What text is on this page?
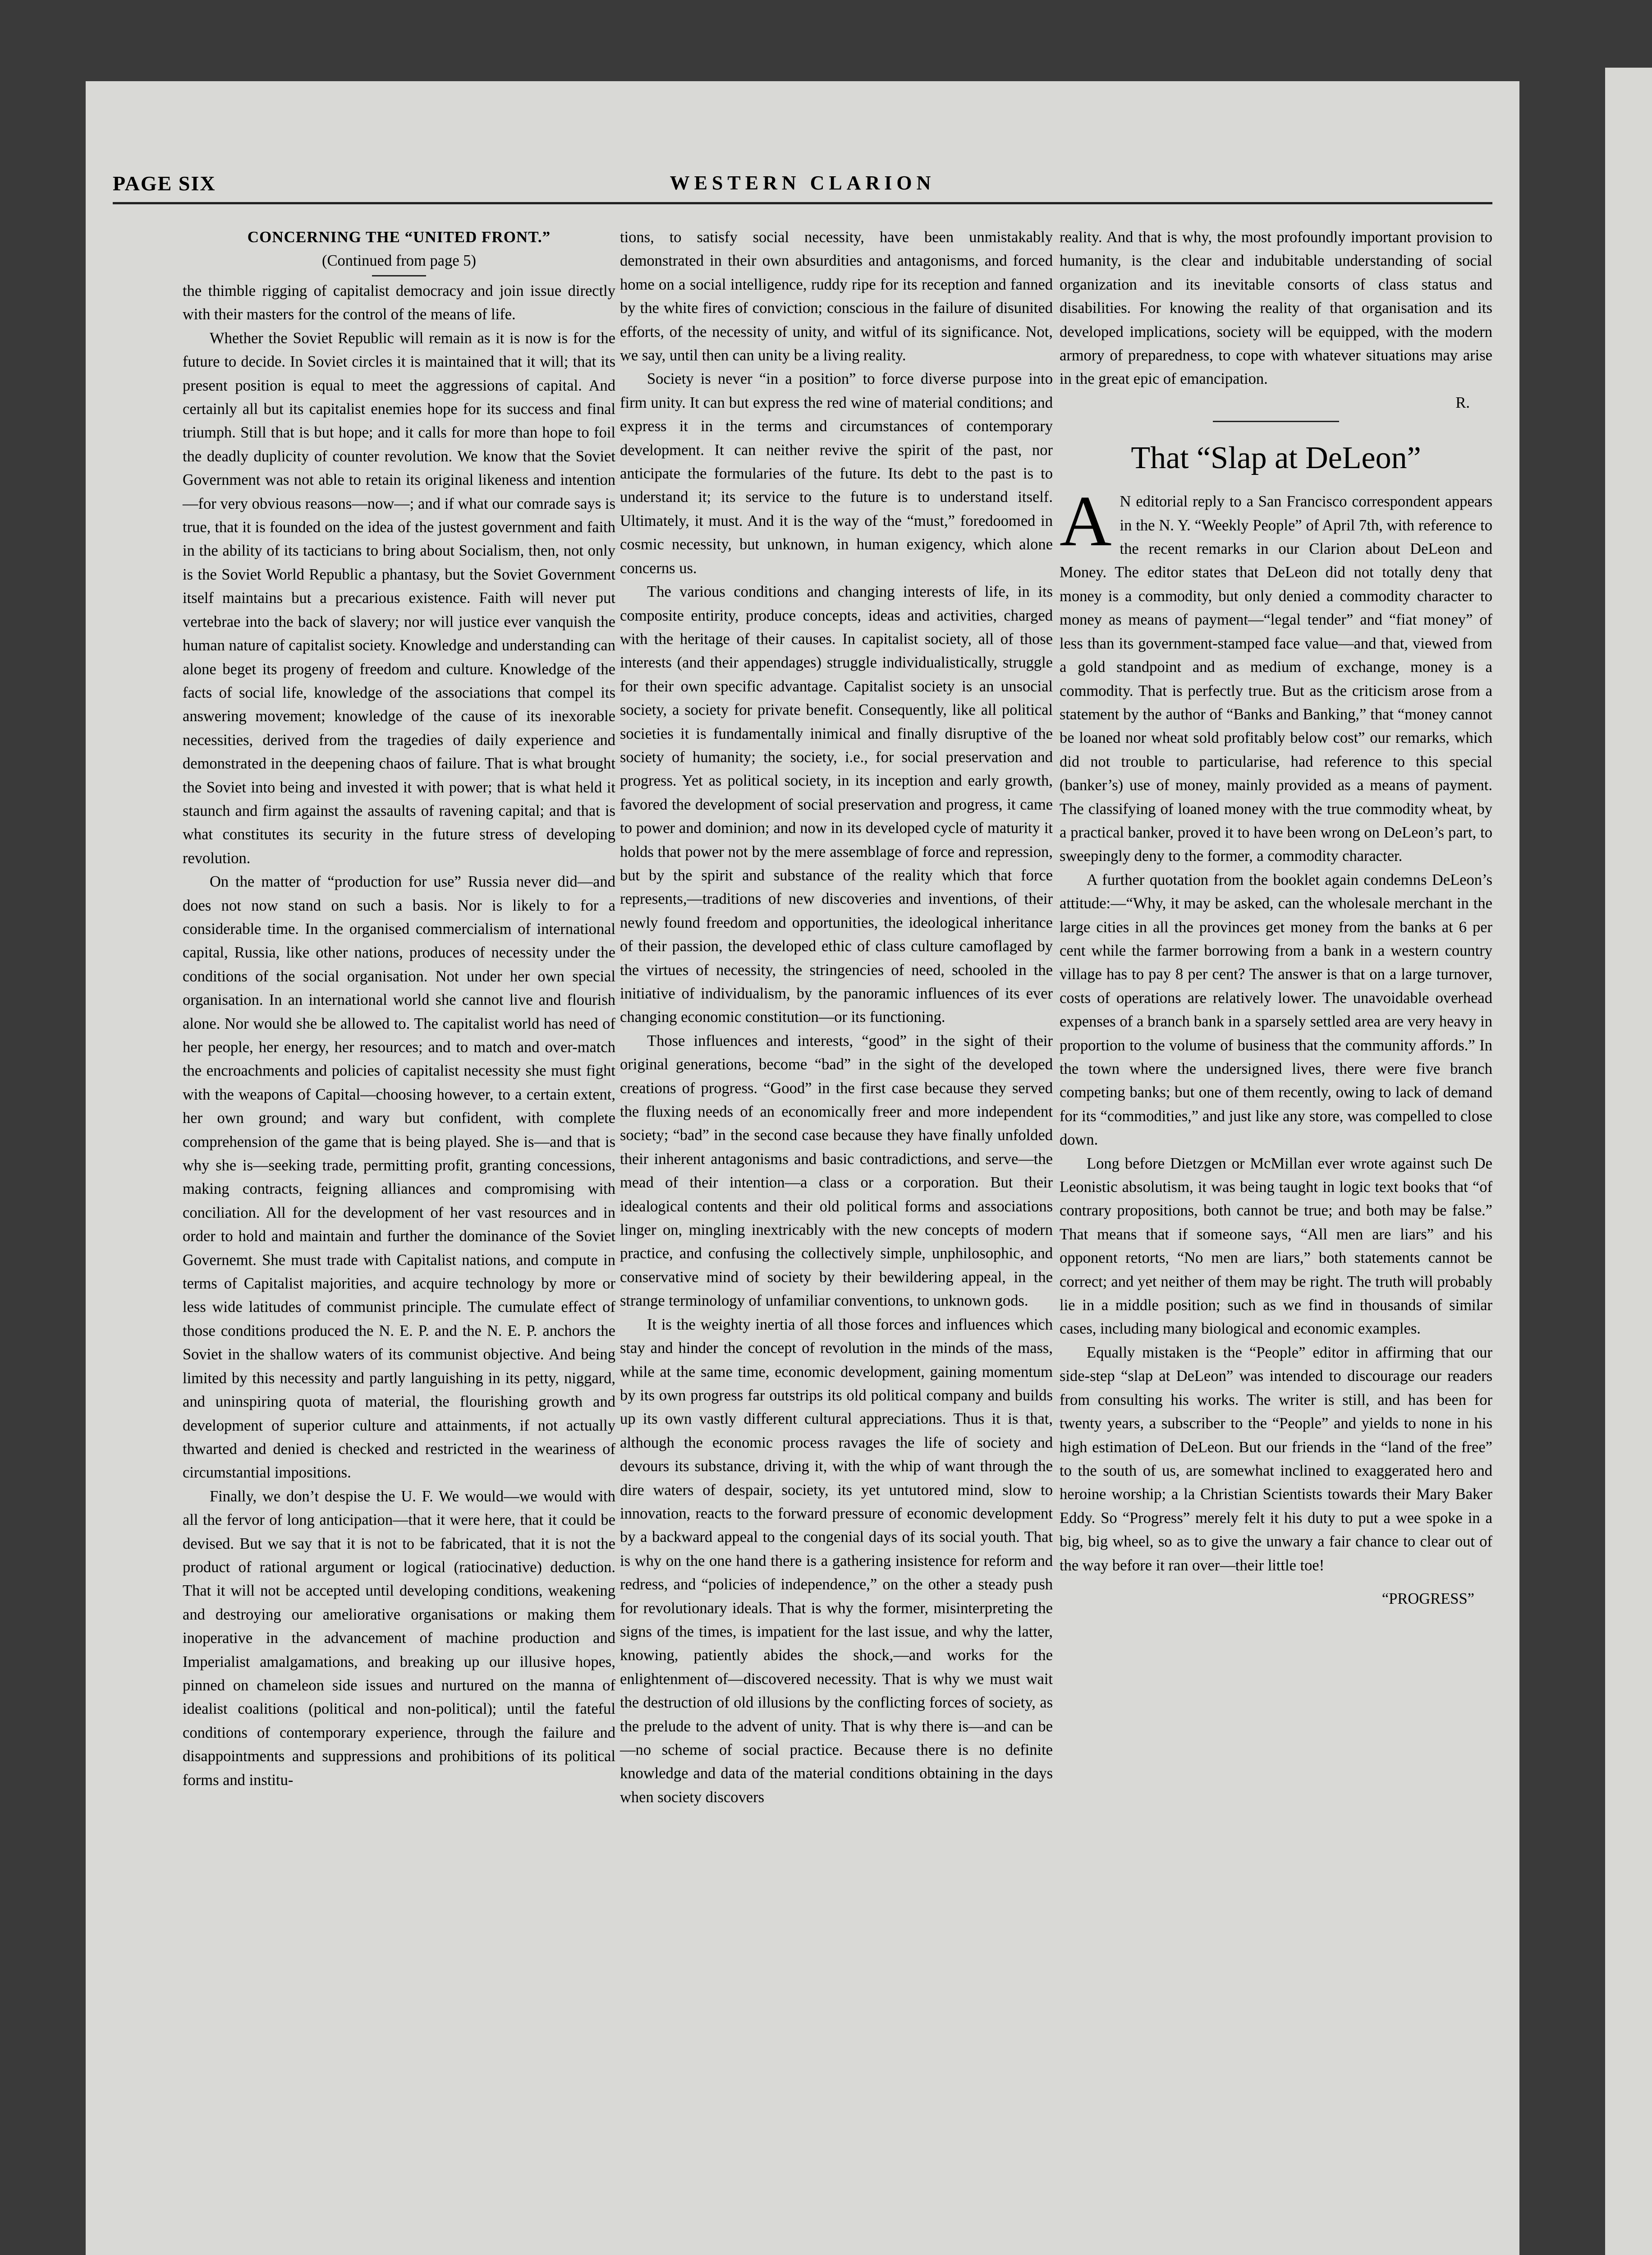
PAGE SIX	WESTERN CLARION
CONCERNING THE “UNITED FRONT.”
(Continued from page 5)

the thimble rigging of capitalist democracy and join issue directly with their masters for the control of the means of life.

Whether the Soviet Republic will remain as it is now is for the future to decide. In Soviet circles it is maintained that it will; that its present position is equal to meet the aggressions of capital. And certainly all but its capitalist enemies hope for its success and final triumph. Still that is but hope; and it calls for more than hope to foil the deadly duplicity of counter revolution. We know that the Soviet Government was not able to retain its original likeness and intention—for very obvious reasons—now—; and if what our comrade says is true, that it is founded on the idea of the justest government and faith in the ability of its tacticians to bring about Socialism, then, not only is the Soviet World Republic a phantasy, but the Soviet Government itself maintains but a precarious existence. Faith will never put vertebrae into the back of slavery; nor will justice ever vanquish the human nature of capitalist society. Knowledge and understanding can alone beget its progeny of freedom and culture. Knowledge of the facts of social life, knowledge of the associations that compel its answering movement; knowledge of the cause of its inexorable necessities, derived from the tragedies of daily experience and demonstrated in the deepening chaos of failure. That is what brought the Soviet into being and invested it with power; that is what held it staunch and firm against the assaults of ravening capital; and that is what constitutes its security in the future stress of developing revolution.

On the matter of “production for use” Russia never did—and does not now stand on such a basis. Nor is likely to for a considerable time. In the organised commercialism of international capital, Russia, like other nations, produces of necessity under the conditions of the social organisation. Not under her own special organisation. In an international world she cannot live and flourish alone. Nor would she be allowed to. The capitalist world has need of her people, her energy, her resources; and to match and over-match the encroachments and policies of capitalist necessity she must fight with the weapons of Capital—choosing however, to a certain extent, her own ground; and wary but confident, with complete comprehension of the game that is being played. She is—and that is why she is—seeking trade, permitting profit, granting concessions, making contracts, feigning alliances and compromising with conciliation. All for the development of her vast resources and in order to hold and maintain and further the dominance of the Soviet Governemt. She must trade with Capitalist nations, and compute in terms of Capitalist majorities, and acquire technology by more or less wide latitudes of communist principle. The cumulate effect of those conditions produced the N. E. P. and the N. E. P. anchors the Soviet in the shallow waters of its communist objective. And being limited by this necessity and partly languishing in its petty, niggard, and uninspiring quota of material, the flourishing growth and development of superior culture and attainments, if not actually thwarted and denied is checked and restricted in the weariness of circumstantial impositions.

Finally, we don’t despise the U. F. We would—we would with all the fervor of long anticipation—that it were here, that it could be devised. But we say that it is not to be fabricated, that it is not the product of rational argument or logical (ratiocinative) deduction. That it will not be accepted until developing conditions, weakening and destroying our ameliorative organisations or making them inoperative in the advancement of machine production and Imperialist amalgamations, and breaking up our illusive hopes, pinned on chameleon side issues and nurtured on the manna of idealist coalitions (political and non-political); until the fateful conditions of contemporary experience, through the failure and disappointments and suppressions and prohibitions of its political forms and institu-

tions, to satisfy social necessity, have been unmistakably demonstrated in their own absurdities and antagonisms, and forced home on a social intelligence, ruddy ripe for its reception and fanned by the white fires of conviction; conscious in the failure of disunited efforts, of the necessity of unity, and witful of its significance. Not, we say, until then can unity be a living reality.

Society is never “in a position” to force diverse purpose into firm unity. It can but express the red wine of material conditions; and express it in the terms and circumstances of contemporary development. It can neither revive the spirit of the past, nor anticipate the formularies of the future. Its debt to the past is to understand it; its service to the future is to understand itself. Ultimately, it must. And it is the way of the “must,” foredoomed in cosmic necessity, but unknown, in human exigency, which alone concerns us.

The various conditions and changing interests of life, in its composite entirity, produce concepts, ideas and activities, charged with the heritage of their causes. In capitalist society, all of those interests (and their appendages) struggle individualistically, struggle for their own specific advantage. Capitalist society is an unsocial society, a society for private benefit. Consequently, like all political societies it is fundamentally inimical and finally disruptive of the society of humanity; the society, i.e., for social preservation and progress. Yet as political society, in its inception and early growth, favored the development of social preservation and progress, it came to power and dominion; and now in its developed cycle of maturity it holds that power not by the mere assemblage of force and repression, but by the spirit and substance of the reality which that force represents,—traditions of new discoveries and inventions, of their newly found freedom and opportunities, the ideological inheritance of their passion, the developed ethic of class culture camoflaged by the virtues of necessity, the stringencies of need, schooled in the initiative of individualism, by the panoramic influences of its ever changing economic constitution—or its functioning.

Those influences and interests, “good” in the sight of their original generations, become “bad” in the sight of the developed creations of progress. “Good” in the first case because they served the fluxing needs of an economically freer and more independent society; “bad” in the second case because they have finally unfolded their inherent antagonisms and basic contradictions, and serve—the mead of their intention—a class or a corporation. But their idealogical contents and their old political forms and associations linger on, mingling inextricably with the new concepts of modern practice, and confusing the collectively simple, unphilosophic, and conservative mind of society by their bewildering appeal, in the strange terminology of unfamiliar conventions, to unknown gods.

It is the weighty inertia of all those forces and influences which stay and hinder the concept of revolution in the minds of the mass, while at the same time, economic development, gaining momentum by its own progress far outstrips its old political company and builds up its own vastly different cultural appreciations. Thus it is that, although the economic process ravages the life of society and devours its substance, driving it, with the whip of want through the dire waters of despair, society, its yet untutored mind, slow to innovation, reacts to the forward pressure of economic development by a backward appeal to the congenial days of its social youth. That is why on the one hand there is a gathering insistence for reform and redress, and “policies of independence,” on the other a steady push for revolutionary ideals. That is why the former, misinterpreting the signs of the times, is impatient for the last issue, and why the latter, knowing, patiently abides the shock,—and works for the enlightenment of—discovered necessity. That is why we must wait the destruction of old illusions by the conflicting forces of society, as the prelude to the advent of unity. That is why there is—and can be—no scheme of social practice. Because there is no definite knowledge and data of the material conditions obtaining in the days when society discovers

reality. And that is why, the most profoundly important provision to humanity, is the clear and indubitable understanding of social organization and its inevitable consorts of class status and disabilities. For knowing the reality of that organisation and its developed implications, society will be equipped, with the modern armory of preparedness, to cope with whatever situations may arise in the great epic of emancipation.

R.
That “Slap at DeLeon”

A N editorial reply to a San Francisco correspondent appears in the N. Y. “Weekly People” of April 7th, with reference to the recent remarks in our Clarion about DeLeon and Money. The editor states that DeLeon did not totally deny that money is a commodity, but only denied a commodity character to money as means of payment—“legal tender” and “fiat money” of less than its government-stamped face value—and that, viewed from a gold standpoint and as medium of exchange, money is a commodity. That is perfectly true. But as the criticism arose from a statement by the author of “Banks and Banking,” that “money cannot be loaned nor wheat sold profitably below cost” our remarks, which did not trouble to particularise, had reference to this special (banker’s) use of money, mainly provided as a means of payment. The classifying of loaned money with the true commodity wheat, by a practical banker, proved it to have been wrong on DeLeon’s part, to sweepingly deny to the former, a commodity character.

A further quotation from the booklet again condemns DeLeon’s attitude:—“Why, it may be asked, can the wholesale merchant in the large cities in all the provinces get money from the banks at 6 per cent while the farmer borrowing from a bank in a western country village has to pay 8 per cent? The answer is that on a large turnover, costs of operations are relatively lower. The unavoidable overhead expenses of a branch bank in a sparsely settled area are very heavy in proportion to the volume of business that the community affords.” In the town where the undersigned lives, there were five branch competing banks; but one of them recently, owing to lack of demand for its “commodities,” and just like any store, was compelled to close down.

Long before Dietzgen or McMillan ever wrote against such De Leonistic absolutism, it was being taught in logic text books that “of contrary propositions, both cannot be true; and both may be false.” That means that if someone says, “All men are liars” and his opponent retorts, “No men are liars,” both statements cannot be correct; and yet neither of them may be right. The truth will probably lie in a middle position; such as we find in thousands of similar cases, including many biological and economic examples.

Equally mistaken is the “People” editor in affirming that our side-step “slap at DeLeon” was intended to discourage our readers from consulting his works. The writer is still, and has been for twenty years, a subscriber to the “People” and yields to none in his high estimation of DeLeon. But our friends in the “land of the free” to the south of us, are somewhat inclined to exaggerated hero and heroine worship; a la Christian Scientists towards their Mary Baker Eddy. So “Progress” merely felt it his duty to put a wee spoke in a big, big wheel, so as to give the unwary a fair chance to clear out of the way before it ran over—their little toe!

“PROGRESS”
